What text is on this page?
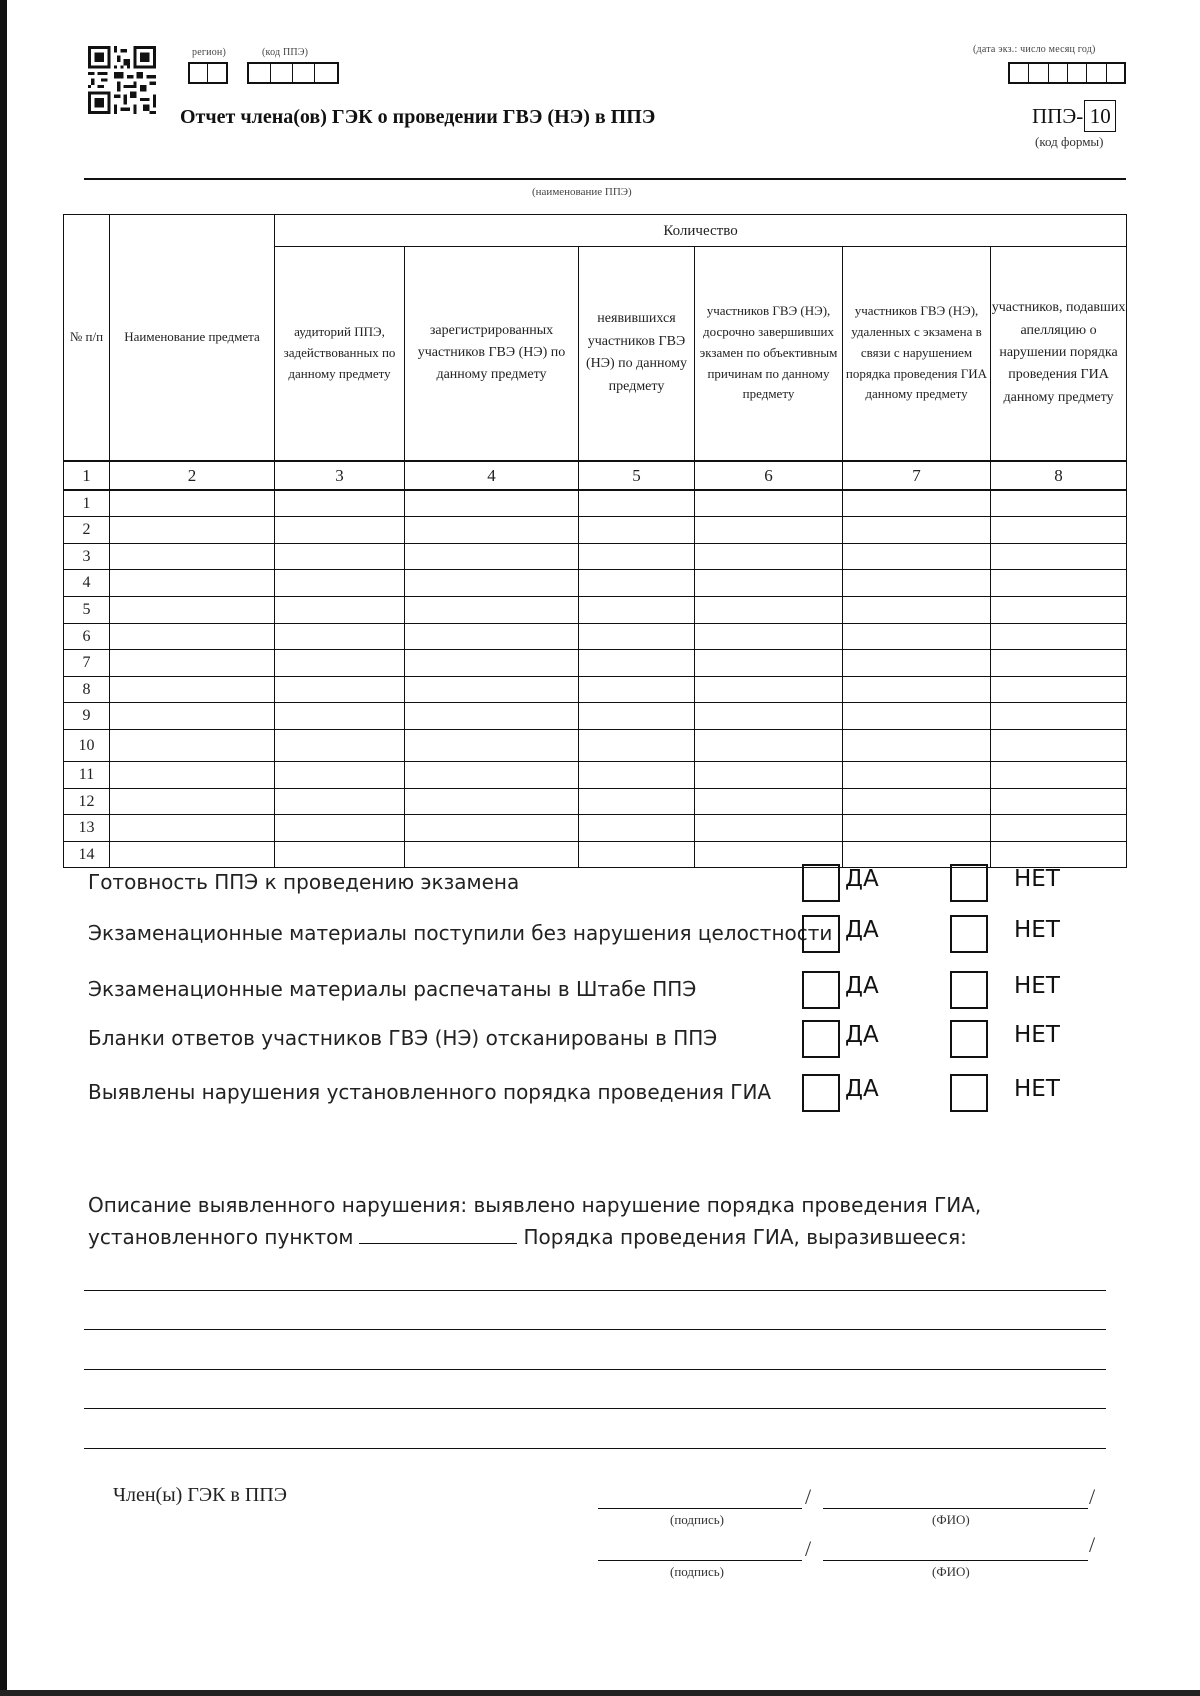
регион)	(код ППЭ)	(дата экз.: число месяц год)
Отчет члена(ов) ГЭК о проведении ГВЭ (НЭ) в ППЭ	ППЭ- 10
(код формы)
(наименование ППЭ)
№ п/п	Наименование предмета	Количество					
		аудиторий ППЭ, задействованных по данному предмету	зарегистрированных участников ГВЭ (НЭ) по данному предмету	неявившихся участников ГВЭ (НЭ) по данному предмету	участников ГВЭ (НЭ), досрочно завершивших экзамен по объективным причинам по данному предмету	участников ГВЭ (НЭ), удаленных с экзамена в связи с нарушением порядка проведения ГИА данному предмету	участников, подавших апелляцию о нарушении порядка проведения ГИА данному предмету
1	2	3	4	5	6	7	8
1							
2							
3							
4							
5							
6							
7							
8							
9							
10							
11							
12							
13							
14							
Готовность ППЭ к проведению экзамена	ДА	НЕТ
Экзаменационные материалы поступили без нарушения целостности ДА	НЕТ
Экзаменационные материалы распечатаны в Штабе ППЭ	ДА	НЕТ
Бланки ответов участников ГВЭ (НЭ) отсканированы в ППЭ	ДА	НЕТ
Выявлены нарушения установленного порядка проведения ГИА	ДА	НЕТ
Описание выявленного нарушения: выявлено нарушение порядка проведения ГИА,
установленного пунктом	Порядка проведения ГИА, выразившееся:
Член(ы) ГЭК в ППЭ	/	/
(подпись)	(ФИО)
/	/
(подпись)	(ФИО)
